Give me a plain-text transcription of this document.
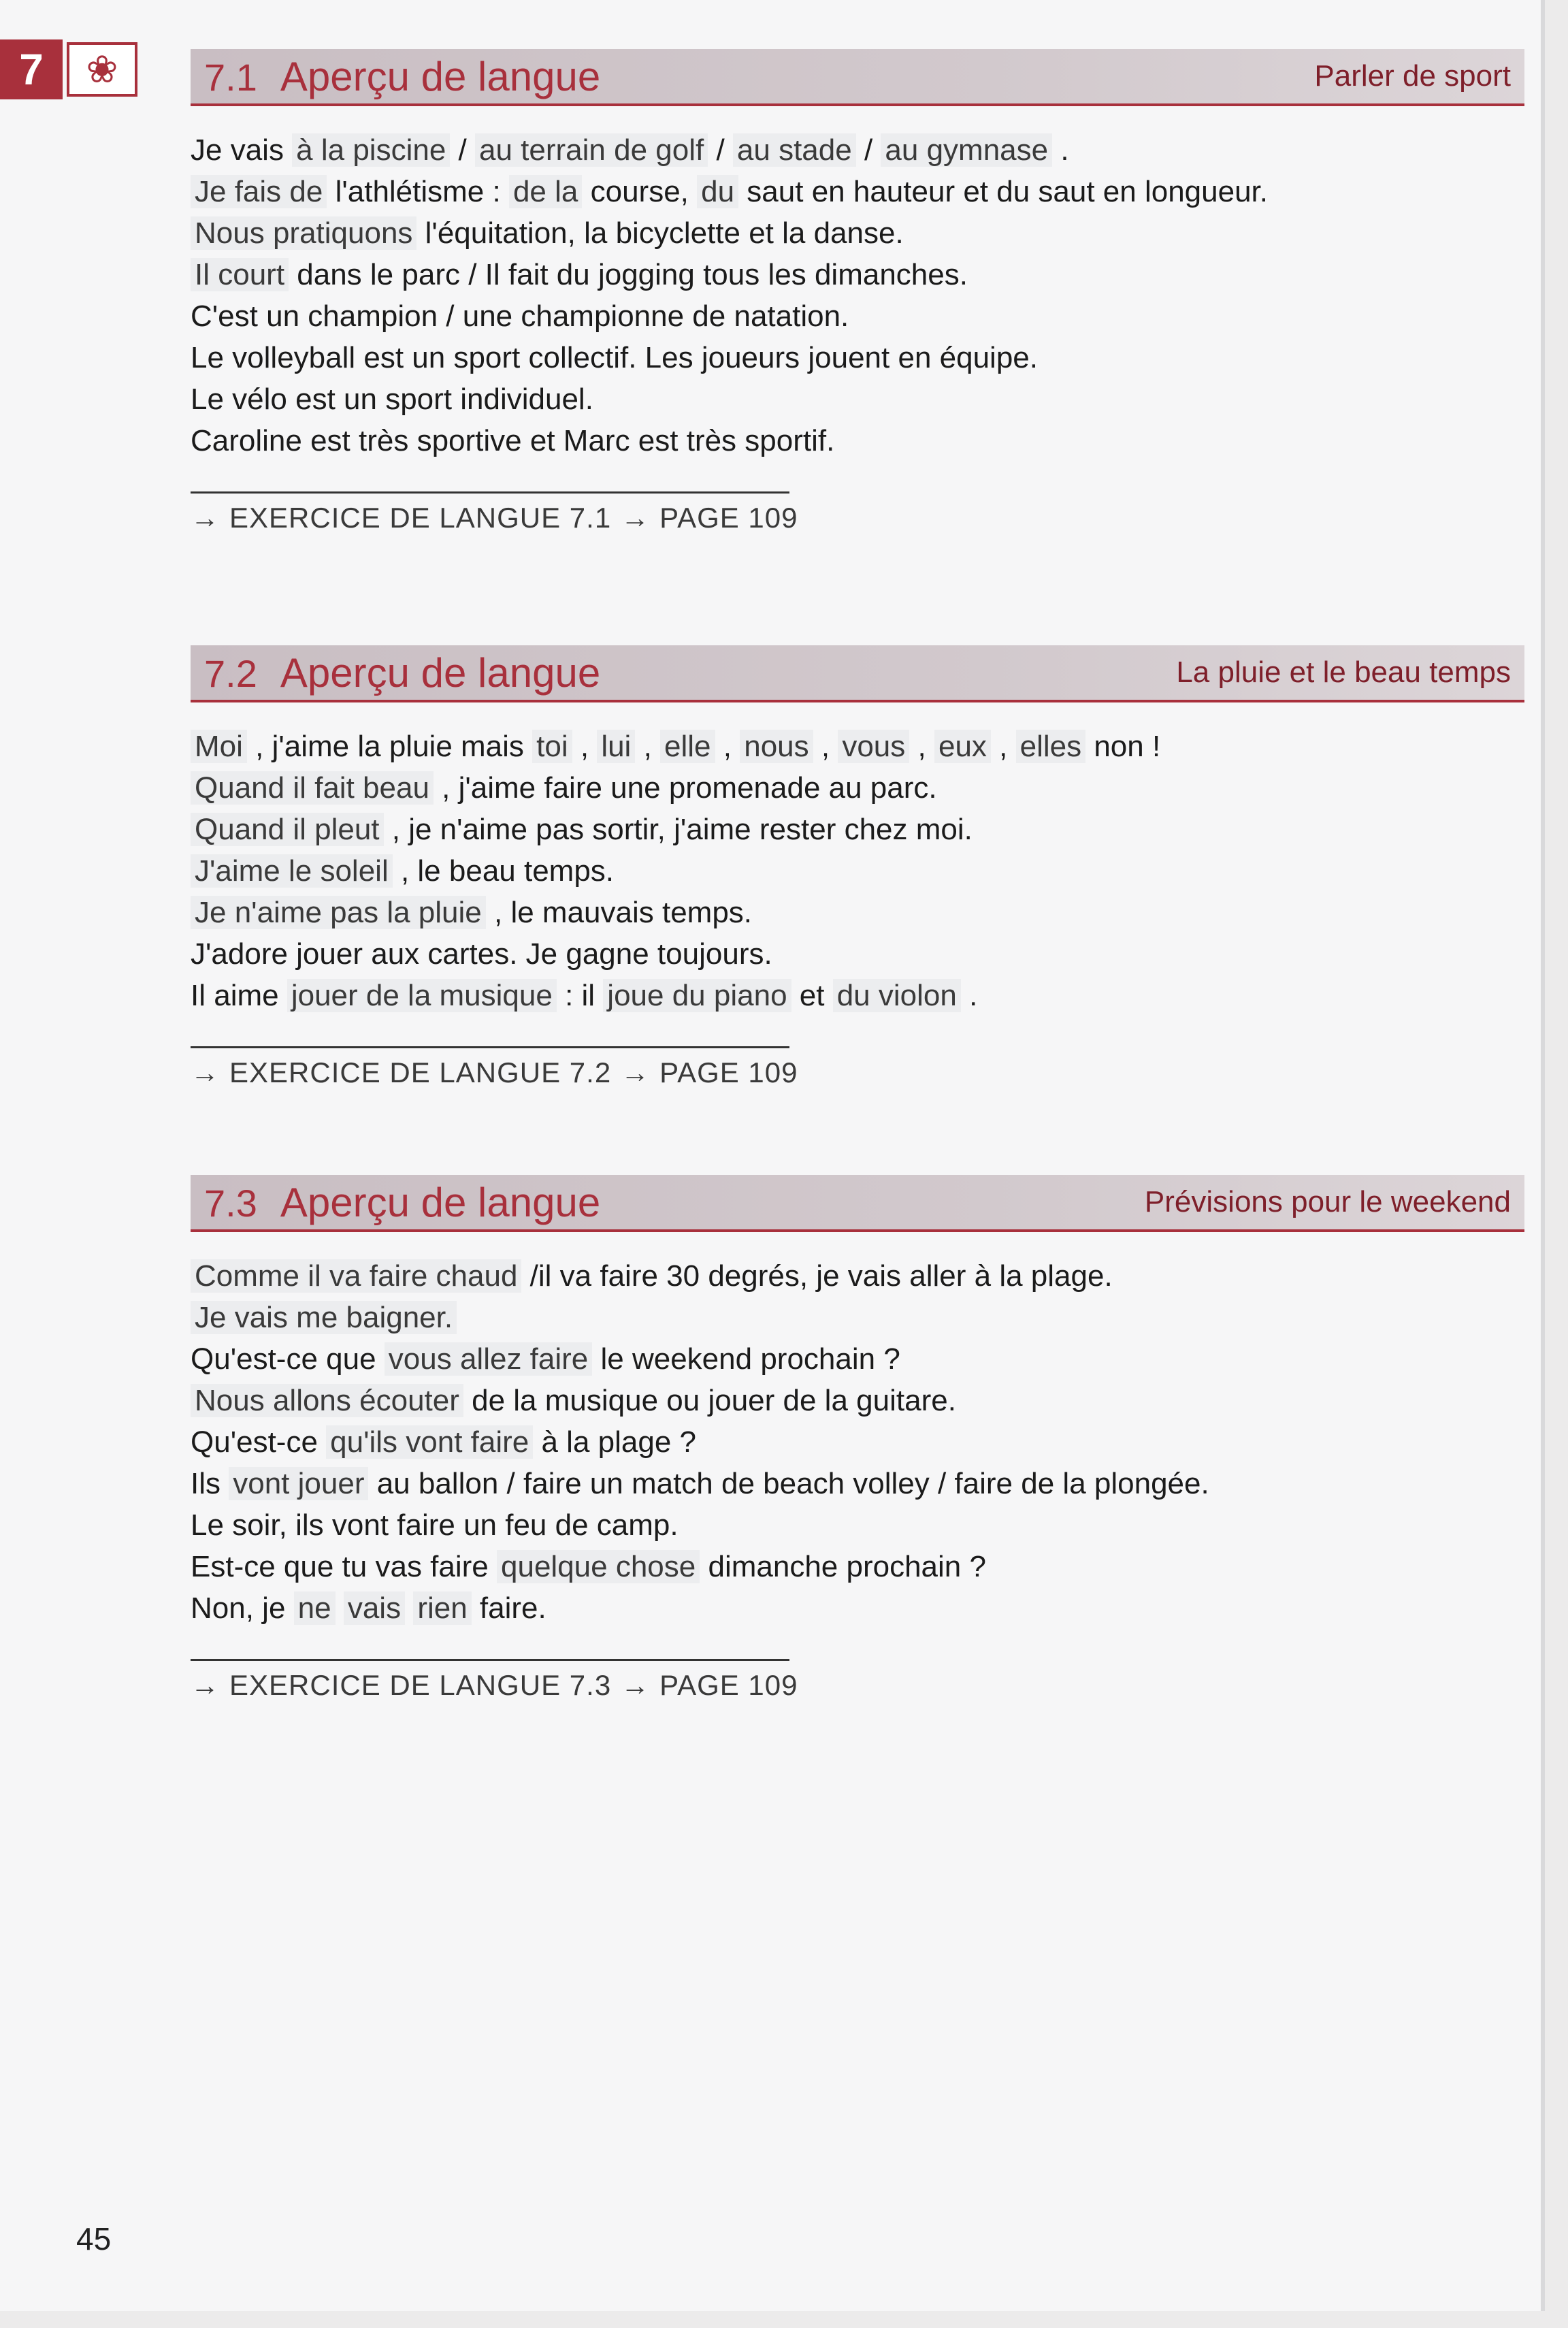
7	❀	7.1 Aperçu de langue	Parler de sport
Je vais à la piscine / au terrain de golf / au stade / au gymnase .
Je fais de l'athlétisme : de la course, du saut en hauteur et du saut en longueur.
Nous pratiquons l'équitation, la bicyclette et la danse.
Il court dans le parc / Il fait du jogging tous les dimanches.
C'est un champion / une championne de natation.
Le volleyball est un sport collectif. Les joueurs jouent en équipe.
Le vélo est un sport individuel.
Caroline est très sportive et Marc est très sportif.
→ EXERCICE DE LANGUE 7.1 → PAGE 109
7.2 Aperçu de langue	La pluie et le beau temps
Moi , j'aime la pluie mais toi , lui , elle , nous , vous , eux , elles non !
Quand il fait beau , j'aime faire une promenade au parc.
Quand il pleut , je n'aime pas sortir, j'aime rester chez moi.
J'aime le soleil , le beau temps.
Je n'aime pas la pluie , le mauvais temps.
J'adore jouer aux cartes. Je gagne toujours.
Il aime jouer de la musique : il joue du piano et du violon .
→ EXERCICE DE LANGUE 7.2 → PAGE 109
7.3 Aperçu de langue	Prévisions pour le weekend
Comme il va faire chaud /il va faire 30 degrés, je vais aller à la plage.
Je vais me baigner.
Qu'est-ce que vous allez faire le weekend prochain ?
Nous allons écouter de la musique ou jouer de la guitare.
Qu'est-ce qu'ils vont faire à la plage ?
Ils vont jouer au ballon / faire un match de beach volley / faire de la plongée.
Le soir, ils vont faire un feu de camp.
Est-ce que tu vas faire quelque chose dimanche prochain ?
Non, je ne vais rien faire.
→ EXERCICE DE LANGUE 7.3 → PAGE 109
45
